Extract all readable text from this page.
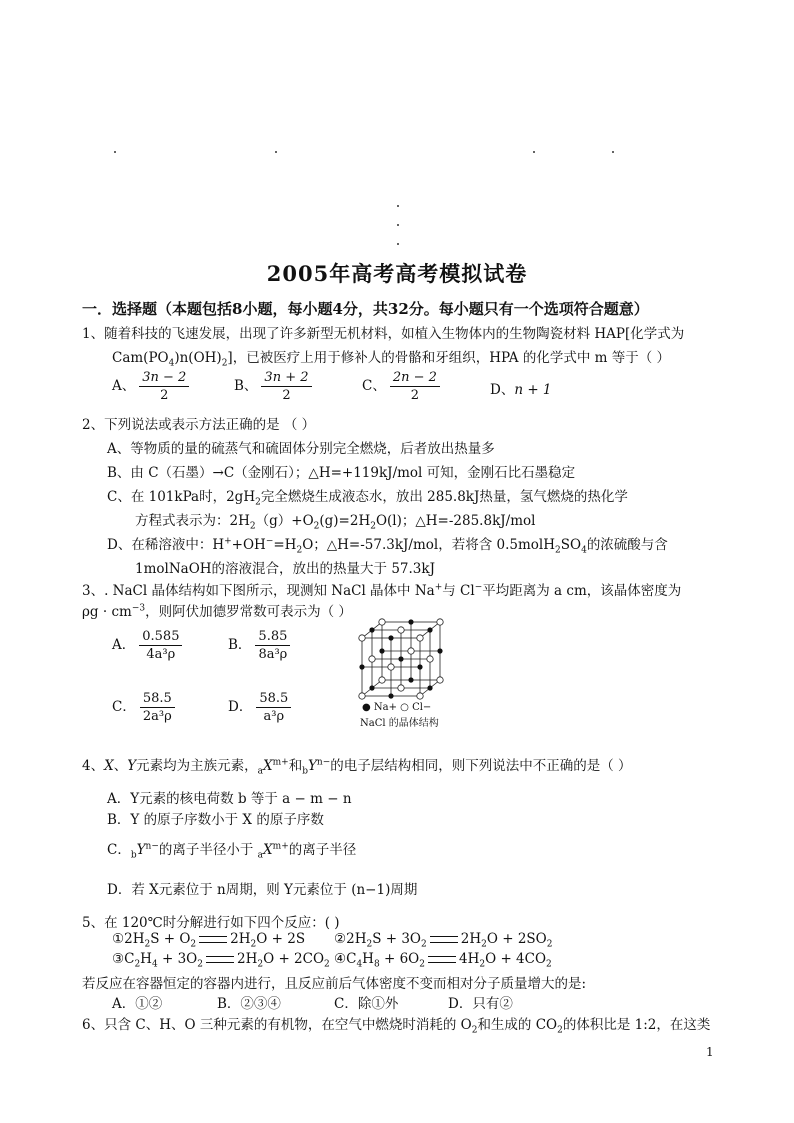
2005年高考高考模拟试卷
一．选择题（本题包括8小题，每小题4分，共32分。每小题只有一个选项符合题意）
1、随着科技的飞速发展，出现了许多新型无机材料，如植入生物体内的生物陶瓷材料 HAP[化学式为
$Cam(PO_4)n(OH)_2$]，已被医疗上用于修补人的骨骼和牙组织，HPA 的化学式中 m 等于（ ）
A、 $\frac{3n - 2}{2}$	B、 $\frac{3n + 2}{2}$	C、 $\frac{2n - 2}{2}$	D、n + 1
2、下列说法或表示方法正确的是 （ ）
A、等物质的量的硫蒸气和硫固体分别完全燃烧，后者放出热量多
B、由 C（石墨）→C（金刚石）；△H=+119kJ/mol 可知，金刚石比石墨稳定
C、在 101kPa时，$2gH_2$完全燃烧生成液态水，放出 285.8kJ热量，氢气燃烧的热化学
方程式表示为：$2H_2(g)+O_2(g)=2H_2O(l)$；△H=-285.8kJ/mol
D、在稀溶液中：$H^++OH^-=H_2O$；△H=-57.3kJ/mol，若将含 $0.5molH_2SO_4$的浓硫酸与含
1molNaOH的溶液混合，放出的热量大于 57.3kJ
3、. NaCl 晶体结构如下图所示，现测知 NaCl 晶体中 Na+与 Cl−平均距离为 a cm，该晶体密度为
$\rho g \cdot cm^{-3}$，则阿伏加德罗常数可表示为（ ）
A． $\frac{0.585}{\text{4a³ρ}}$	B． $\frac{5.85}{\text{8a³ρ}}$
C． $\frac{58.5}{\text{2a³ρ}}$	D． $\frac{58.5}{\text{a³ρ}}$	● Na+ ○ Cl−
NaCl 的晶体结构
4、X、Y元素均为主族元素，$_aX^{m+}$和$_bY^{n-}$的电子层结构相同，则下列说法中不正确的是（ ）
A．Y元素的核电荷数 b 等于 a − m − n
B．Y 的原子序数小于 X 的原子序数
C．$_bY^{n-}$的离子半径小于 $_aX^{m+}$的离子半径
D．若 X元素位于 n周期，则 Y元素位于 (n−1)周期
5、在 120℃时分解进行如下四个反应：( )
$①2H_2S + O_2$	$2H_2O + 2S$ $②2H_2S + 3O_2$	$2H_2O + 2SO_2$
$③C_2H_4 + 3O_2$	$2H_2O + 2CO_2$ $④C_4H_8 + 6O_2$	$4H_2O + 4CO_2$
若反应在容器恒定的容器内进行，且反应前后气体密度不变而相对分子质量增大的是:
A．①②	B．②③④	C．除①外	D．只有②
6、只含 C、H、O 三种元素的有机物，在空气中燃烧时消耗的 $O_2$和生成的 $CO_2$的体积比是 1:2，在这类
1
